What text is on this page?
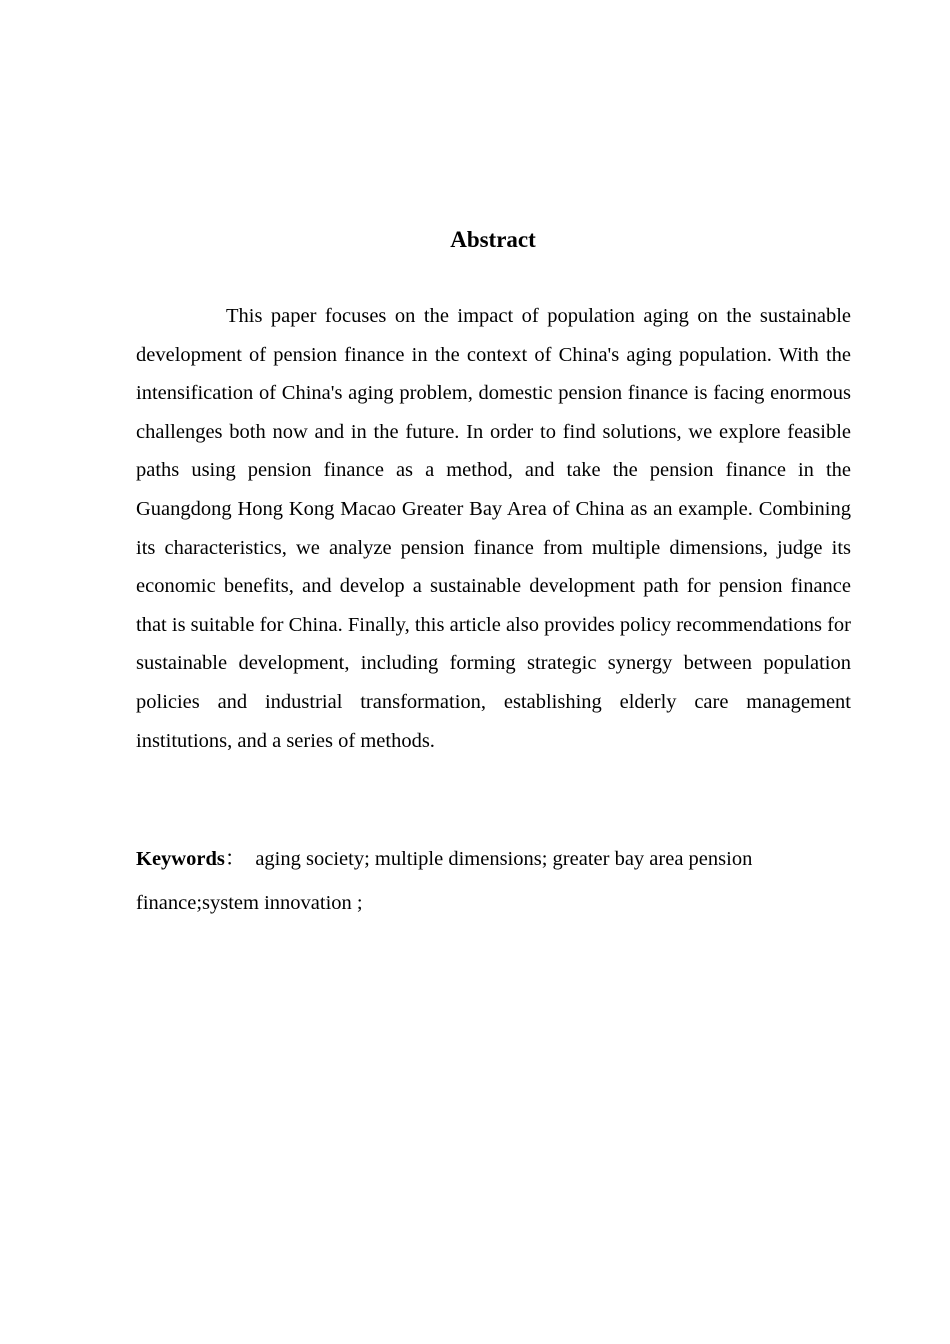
Abstract

This paper focuses on the impact of population aging on the sustainable development of pension finance in the context of China's aging population. With the intensification of China's aging problem, domestic pension finance is facing enormous challenges both now and in the future. In order to find solutions, we explore feasible paths using pension finance as a method, and take the pension finance in the Guangdong Hong Kong Macao Greater Bay Area of China as an example. Combining its characteristics, we analyze pension finance from multiple dimensions, judge its economic benefits, and develop a sustainable development path for pension finance that is suitable for China. Finally, this article also provides policy recommendations for sustainable development, including forming strategic synergy between population policies and industrial transformation, establishing elderly care management institutions, and a series of methods.

Keywords： aging society; multiple dimensions; greater bay area pension finance;system innovation ;
